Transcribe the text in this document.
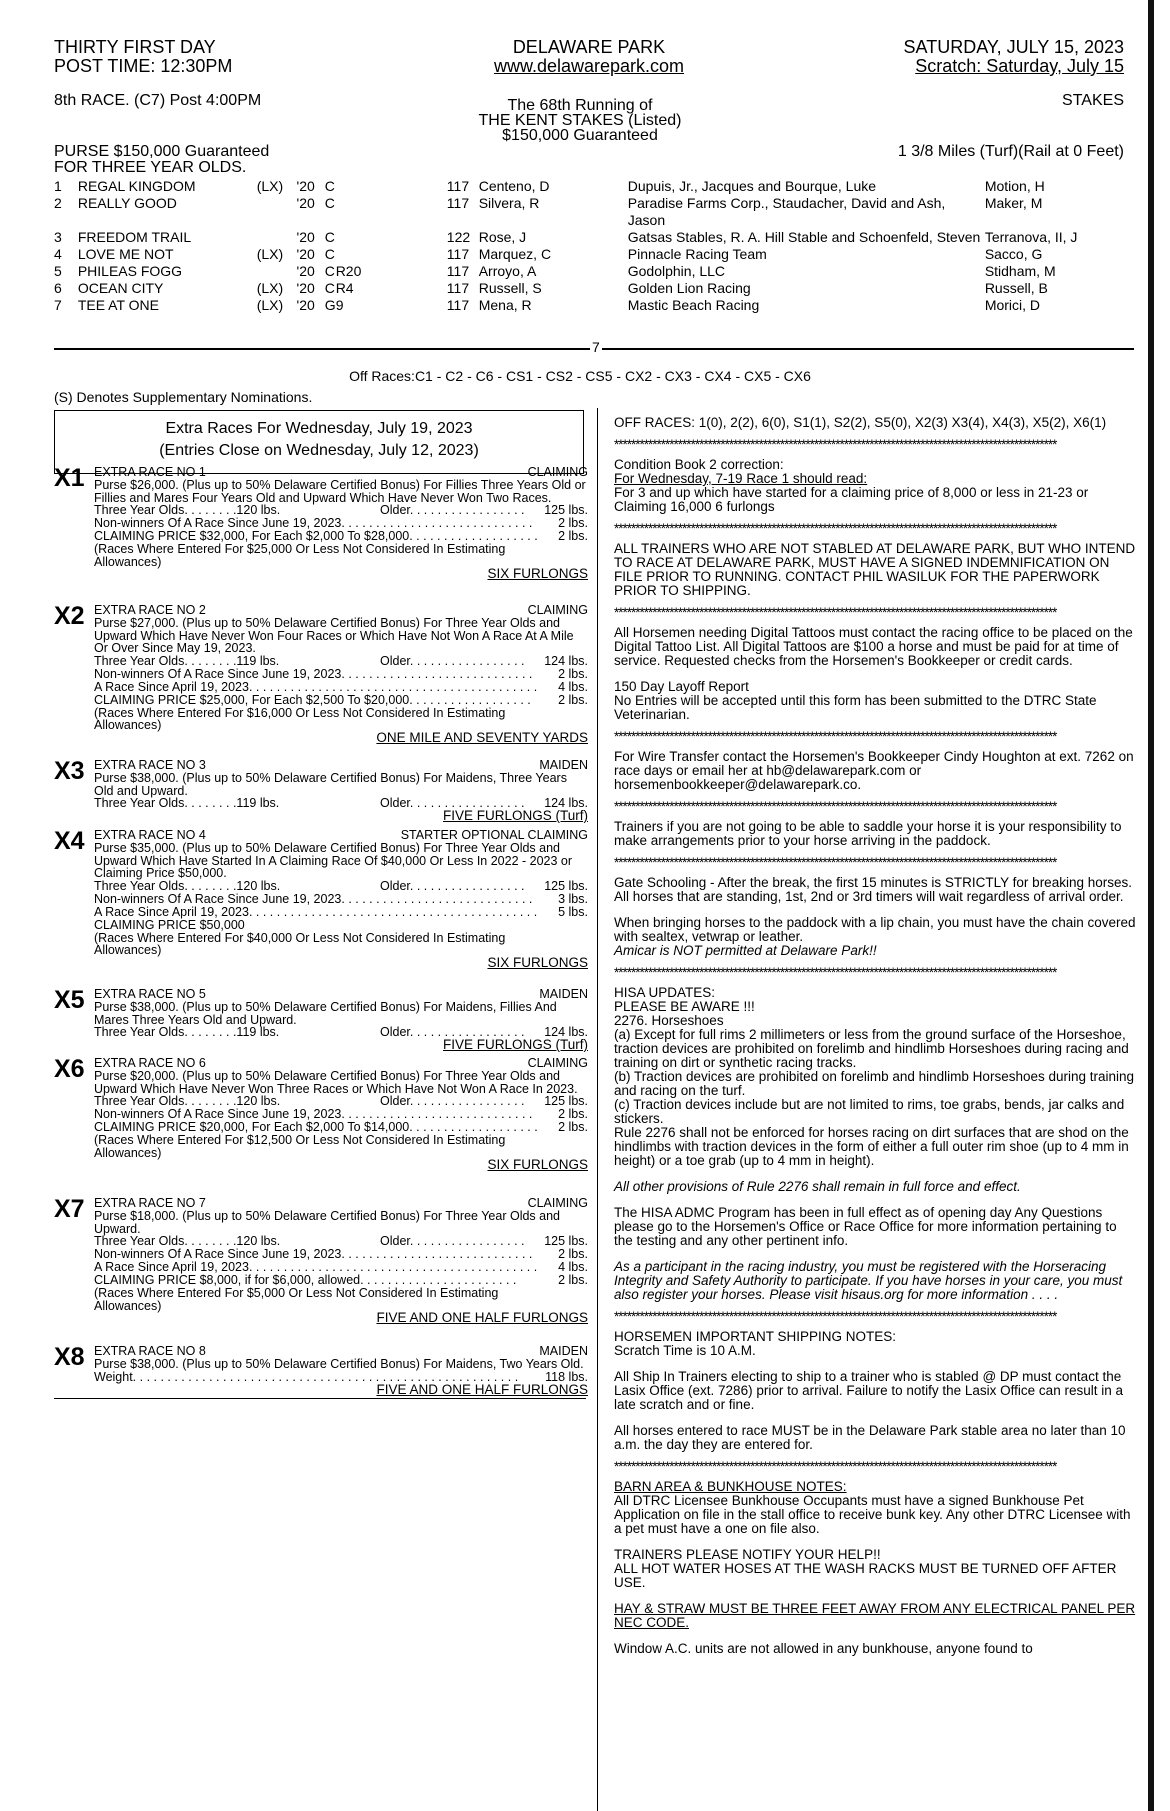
THIRTY FIRST DAY
POST TIME: 12:30PM
DELAWARE PARK
www.delawarepark.com
SATURDAY, JULY 15, 2023
Scratch: Saturday, July 15
8th RACE. (C7) Post 4:00PM	STAKES
The 68th Running of
THE KENT STAKES (Listed)
$150,000 Guaranteed
PURSE $150,000 Guaranteed
FOR THREE YEAR OLDS.
1 3/8 Miles (Turf)(Rail at 0 Feet)
1	REGAL KINGDOM	(LX)	'20 C		117	Centeno, D	Dupuis, Jr., Jacques and Bourque, Luke	Motion, H
2	REALLY GOOD		'20 C		117	Silvera, R	Paradise Farms Corp., Staudacher, David and Ash, Jason	Maker, M
3	FREEDOM TRAIL		'20 C		122	Rose, J	Gatsas Stables, R. A. Hill Stable and Schoenfeld, Steven	Terranova, II, J
4	LOVE ME NOT	(LX)	'20 C		117	Marquez, C	Pinnacle Racing Team	Sacco, G
5	PHILEAS FOGG		'20 C	R20	117	Arroyo, A	Godolphin, LLC	Stidham, M
6	OCEAN CITY	(LX)	'20 C	R4	117	Russell, S	Golden Lion Racing	Russell, B
7	TEE AT ONE	(LX)	'20 G	9	117	Mena, R	Mastic Beach Racing	Morici, D
7
Off Races:C1 - C2 - C6 - CS1 - CS2 - CS5 - CX2 - CX3 - CX4 - CX5 - CX6
(S) Denotes Supplementary Nominations.
Extra Races For Wednesday, July 19, 2023
(Entries Close on Wednesday, July 12, 2023)
X1 EXTRA RACE NO 1	CLAIMING
Purse $26,000. (Plus up to 50% Delaware Certified Bonus) For Fillies Three Years Old or Fillies and Mares Four Years Old and Upward Which Have Never Won Two Races.
Three Year Olds. . . . . . . .120 lbs.	Older. . . . . . . . . . . . . . . . . 125 lbs.
Non-winners Of A Race Since June 19, 2023. . . . . . . . . . . . . . . . . . . . . . . . . . . . 2 lbs.
CLAIMING PRICE $32,000, For Each $2,000 To $28,000. . . . . . . . . . . . . . . . . . . 2 lbs.
(Races Where Entered For $25,000 Or Less Not Considered In Estimating Allowances)
SIX FURLONGS
X2 EXTRA RACE NO 2	CLAIMING
Purse $27,000. (Plus up to 50% Delaware Certified Bonus) For Three Year Olds and Upward Which Have Never Won Four Races or Which Have Not Won A Race At A Mile Or Over Since May 19, 2023.
Three Year Olds. . . . . . . .119 lbs.	Older. . . . . . . . . . . . . . . . . 124 lbs.
Non-winners Of A Race Since June 19, 2023. . . . . . . . . . . . . . . . . . . . . . . . . . . . 2 lbs.
A Race Since April 19, 2023. . . . . . . . . . . . . . . . . . . . . . . . . . . . . . . . . . . . . . . . . . 4 lbs.
CLAIMING PRICE $25,000, For Each $2,500 To $20,000. . . . . . . . . . . . . . . . . . 2 lbs.
(Races Where Entered For $16,000 Or Less Not Considered In Estimating Allowances)
ONE MILE AND SEVENTY YARDS
X3 EXTRA RACE NO 3	MAIDEN
Purse $38,000. (Plus up to 50% Delaware Certified Bonus) For Maidens, Three Years Old and Upward.
Three Year Olds. . . . . . . .119 lbs.	Older. . . . . . . . . . . . . . . . . 124 lbs.
FIVE FURLONGS (Turf)
X4 EXTRA RACE NO 4	STARTER OPTIONAL CLAIMING
Purse $35,000. (Plus up to 50% Delaware Certified Bonus) For Three Year Olds and Upward Which Have Started In A Claiming Race Of $40,000 Or Less In 2022 - 2023 or Claiming Price $50,000.
Three Year Olds. . . . . . . .120 lbs.	Older. . . . . . . . . . . . . . . . . 125 lbs.
Non-winners Of A Race Since June 19, 2023. . . . . . . . . . . . . . . . . . . . . . . . . . . . 3 lbs.
A Race Since April 19, 2023. . . . . . . . . . . . . . . . . . . . . . . . . . . . . . . . . . . . . . . . . . 5 lbs.
CLAIMING PRICE $50,000
(Races Where Entered For $40,000 Or Less Not Considered In Estimating Allowances)
SIX FURLONGS
X5 EXTRA RACE NO 5	MAIDEN
Purse $38,000. (Plus up to 50% Delaware Certified Bonus) For Maidens, Fillies And Mares Three Years Old and Upward.
Three Year Olds. . . . . . . .119 lbs.	Older. . . . . . . . . . . . . . . . . 124 lbs.
FIVE FURLONGS (Turf)
X6 EXTRA RACE NO 6	CLAIMING
Purse $20,000. (Plus up to 50% Delaware Certified Bonus) For Three Year Olds and Upward Which Have Never Won Three Races or Which Have Not Won A Race In 2023.
Three Year Olds. . . . . . . .120 lbs.	Older. . . . . . . . . . . . . . . . . 125 lbs.
Non-winners Of A Race Since June 19, 2023. . . . . . . . . . . . . . . . . . . . . . . . . . . . 2 lbs.
CLAIMING PRICE $20,000, For Each $2,000 To $14,000. . . . . . . . . . . . . . . . . . . 2 lbs.
(Races Where Entered For $12,500 Or Less Not Considered In Estimating Allowances)
SIX FURLONGS
X7 EXTRA RACE NO 7	CLAIMING
Purse $18,000. (Plus up to 50% Delaware Certified Bonus) For Three Year Olds and Upward.
Three Year Olds. . . . . . . .120 lbs.	Older. . . . . . . . . . . . . . . . . 125 lbs.
Non-winners Of A Race Since June 19, 2023. . . . . . . . . . . . . . . . . . . . . . . . . . . . 2 lbs.
A Race Since April 19, 2023. . . . . . . . . . . . . . . . . . . . . . . . . . . . . . . . . . . . . . . . . . 4 lbs.
CLAIMING PRICE $8,000, if for $6,000, allowed. . . . . . . . . . . . . . . . . . . . . . .	2 lbs.
(Races Where Entered For $5,000 Or Less Not Considered In Estimating Allowances)
FIVE AND ONE HALF FURLONGS
X8 EXTRA RACE NO 8	MAIDEN
Purse $38,000. (Plus up to 50% Delaware Certified Bonus) For Maidens, Two Years Old.
Weight. . . . . . . . . . . . . . . . . . . . . . . . . . . . . . . . . . . . . . . . . . . . . . . . . . . . . . . . 118 lbs.
FIVE AND ONE HALF FURLONGS

OFF RACES: 1(0), 2(2), 6(0), S1(1), S2(2), S5(0), X2(3) X3(4), X4(3), X5(2), X6(1)

********************************************************************************************************

Condition Book 2 correction:

For Wednesday, 7-19 Race 1 should read:

For 3 and up which have started for a claiming price of 8,000 or less in 21-23 or Claiming 16,000 6 furlongs

********************************************************************************************************

ALL TRAINERS WHO ARE NOT STABLED AT DELAWARE PARK, BUT WHO INTEND TO RACE AT DELAWARE PARK, MUST HAVE A SIGNED INDEMNIFICATION ON FILE PRIOR TO RUNNING. CONTACT PHIL WASILUK FOR THE PAPERWORK PRIOR TO SHIPPING.

********************************************************************************************************

All Horsemen needing Digital Tattoos must contact the racing office to be placed on the Digital Tattoo List. All Digital Tattoos are $100 a horse and must be paid for at time of service. Requested checks from the Horsemen's Bookkeeper or credit cards.

150 Day Layoff Report

No Entries will be accepted until this form has been submitted to the DTRC State Veterinarian.

********************************************************************************************************

For Wire Transfer contact the Horsemen's Bookkeeper Cindy Houghton at ext. 7262 on race days or email her at hb@delawarepark.com or horsemenbookkeeper@delawarepark.co.

********************************************************************************************************

Trainers if you are not going to be able to saddle your horse it is your responsibility to make arrangements prior to your horse arriving in the paddock.

********************************************************************************************************

Gate Schooling - After the break, the first 15 minutes is STRICTLY for breaking horses. All horses that are standing, 1st, 2nd or 3rd timers will wait regardless of arrival order.

When bringing horses to the paddock with a lip chain, you must have the chain covered with sealtex, vetwrap or leather.

Amicar is NOT permitted at Delaware Park!!

********************************************************************************************************

HISA UPDATES:

PLEASE BE AWARE !!!

2276. Horseshoes

(a) Except for full rims 2 millimeters or less from the ground surface of the Horseshoe, traction devices are prohibited on forelimb and hindlimb Horseshoes during racing and training on dirt or synthetic racing tracks.

(b) Traction devices are prohibited on forelimb and hindlimb Horseshoes during training and racing on the turf.

(c) Traction devices include but are not limited to rims, toe grabs, bends, jar calks and stickers.

Rule 2276 shall not be enforced for horses racing on dirt surfaces that are shod on the hindlimbs with traction devices in the form of either a full outer rim shoe (up to 4 mm in height) or a toe grab (up to 4 mm in height).

All other provisions of Rule 2276 shall remain in full force and effect.

The HISA ADMC Program has been in full effect as of opening day Any Questions please go to the Horsemen's Office or Race Office for more information pertaining to the testing and any other pertinent info.

As a participant in the racing industry, you must be registered with the Horseracing Integrity and Safety Authority to participate. If you have horses in your care, you must also register your horses. Please visit hisaus.org for more information . . . .

********************************************************************************************************

HORSEMEN IMPORTANT SHIPPING NOTES:

Scratch Time is 10 A.M.

All Ship In Trainers electing to ship to a trainer who is stabled @ DP must contact the Lasix Office (ext. 7286) prior to arrival. Failure to notify the Lasix Office can result in a late scratch and or fine.

All horses entered to race MUST be in the Delaware Park stable area no later than 10 a.m. the day they are entered for.

********************************************************************************************************

BARN AREA & BUNKHOUSE NOTES:

All DTRC Licensee Bunkhouse Occupants must have a signed Bunkhouse Pet Application on file in the stall office to receive bunk key. Any other DTRC Licensee with a pet must have a one on file also.

TRAINERS PLEASE NOTIFY YOUR HELP!!

ALL HOT WATER HOSES AT THE WASH RACKS MUST BE TURNED OFF AFTER USE.

HAY & STRAW MUST BE THREE FEET AWAY FROM ANY ELECTRICAL PANEL PER NEC CODE.

Window A.C. units are not allowed in any bunkhouse, anyone found to
